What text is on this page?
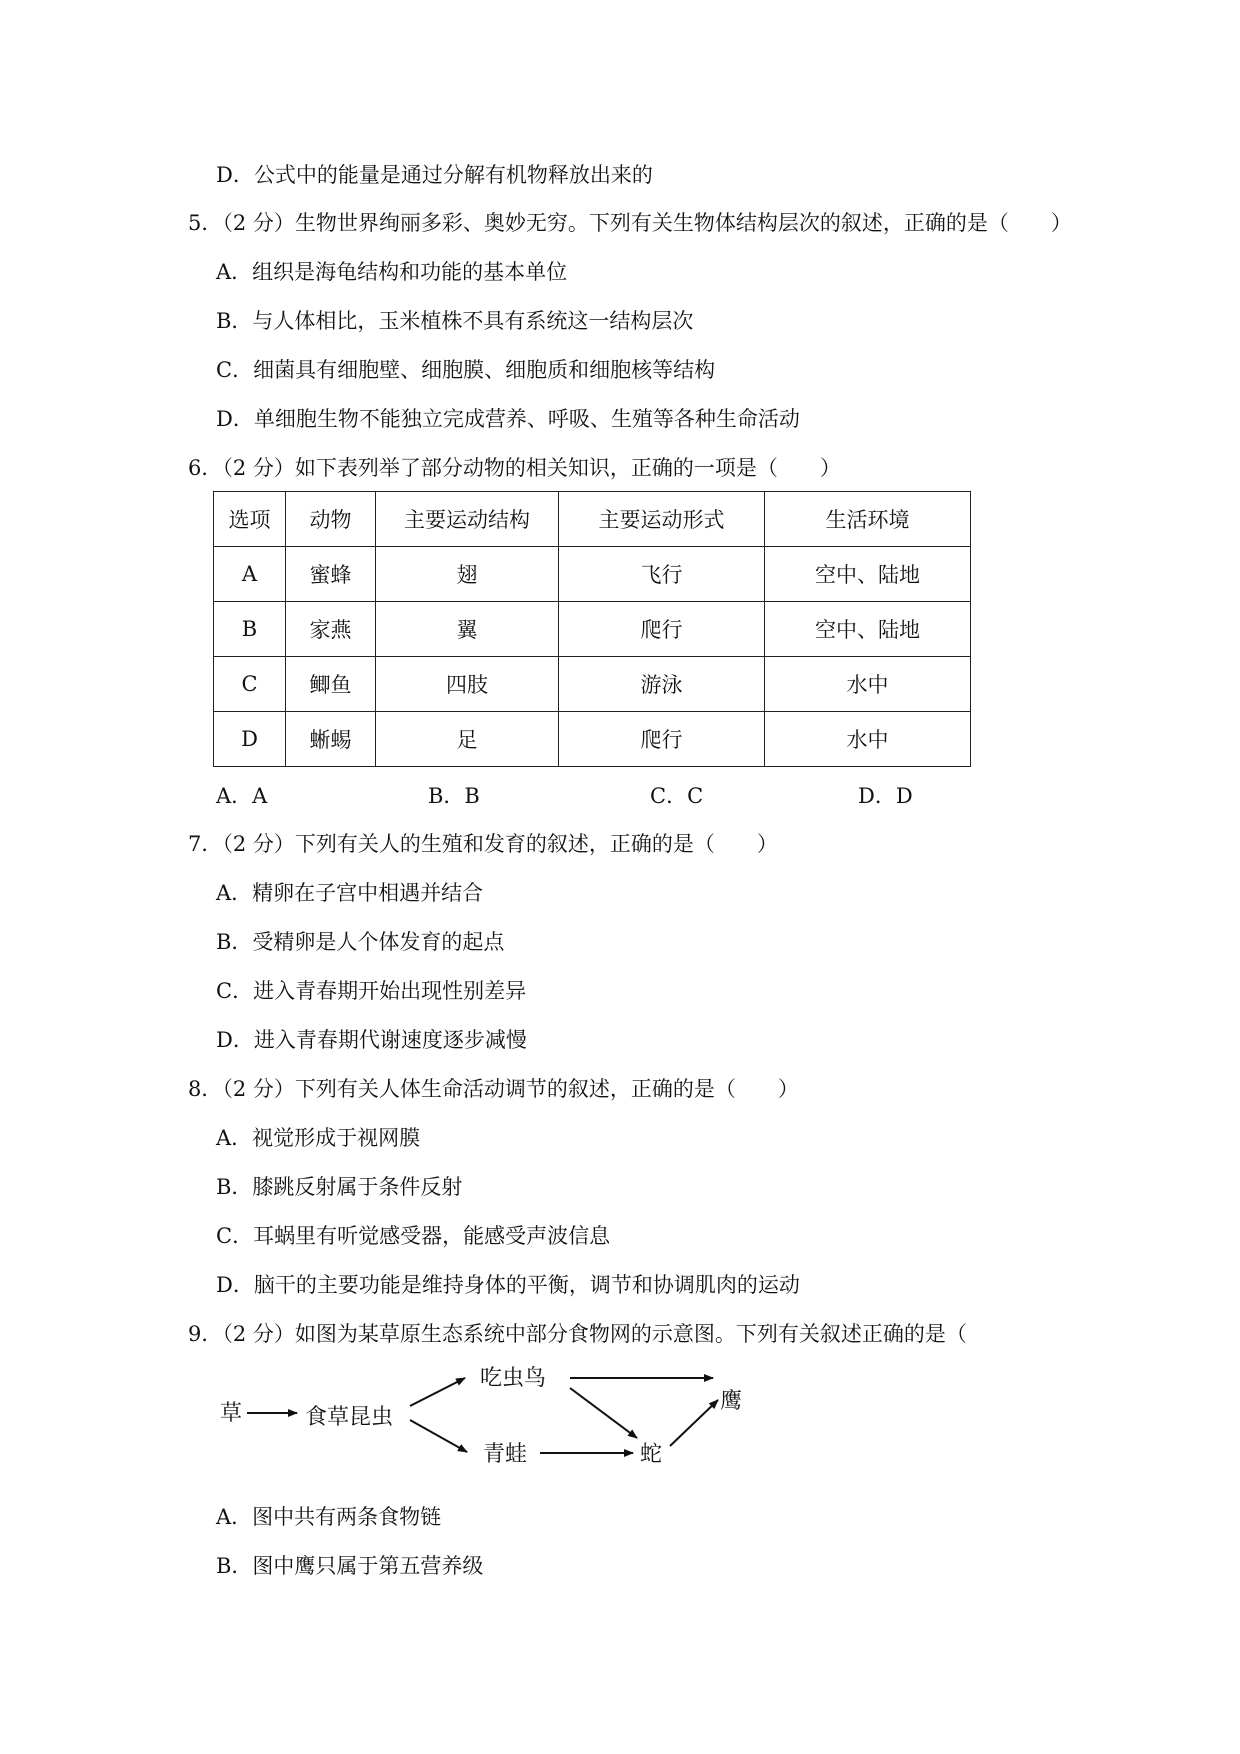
D．公式中的能量是通过分解有机物释放出来的
5．（2 分）生物世界绚丽多彩、奥妙无穷。下列有关生物体结构层次的叙述，正确的是（　　）
A．组织是海龟结构和功能的基本单位
B．与人体相比，玉米植株不具有系统这一结构层次
C．细菌具有细胞壁、细胞膜、细胞质和细胞核等结构
D．单细胞生物不能独立完成营养、呼吸、生殖等各种生命活动
6．（2 分）如下表列举了部分动物的相关知识，正确的一项是（　　）
选项	动物	主要运动结构	主要运动形式	生活环境
A	蜜蜂	翅	飞行	空中、陆地
B	家燕	翼	爬行	空中、陆地
C	鲫鱼	四肢	游泳	水中
D	蜥蜴	足	爬行	水中
A．A	B．B	C．C	D．D
7．（2 分）下列有关人的生殖和发育的叙述，正确的是（　　）
A．精卵在子宫中相遇并结合
B．受精卵是人个体发育的起点
C．进入青春期开始出现性别差异
D．进入青春期代谢速度逐步减慢
8．（2 分）下列有关人体生命活动调节的叙述，正确的是（　　）
A．视觉形成于视网膜
B．膝跳反射属于条件反射
C．耳蜗里有听觉感受器，能感受声波信息
D．脑干的主要功能是维持身体的平衡，调节和协调肌肉的运动
9．（2 分）如图为某草原生态系统中部分食物网的示意图。下列有关叙述正确的是（
草	食草昆虫
吃虫鸟
青蛙	蛇
鹰
A．图中共有两条食物链
B．图中鹰只属于第五营养级
